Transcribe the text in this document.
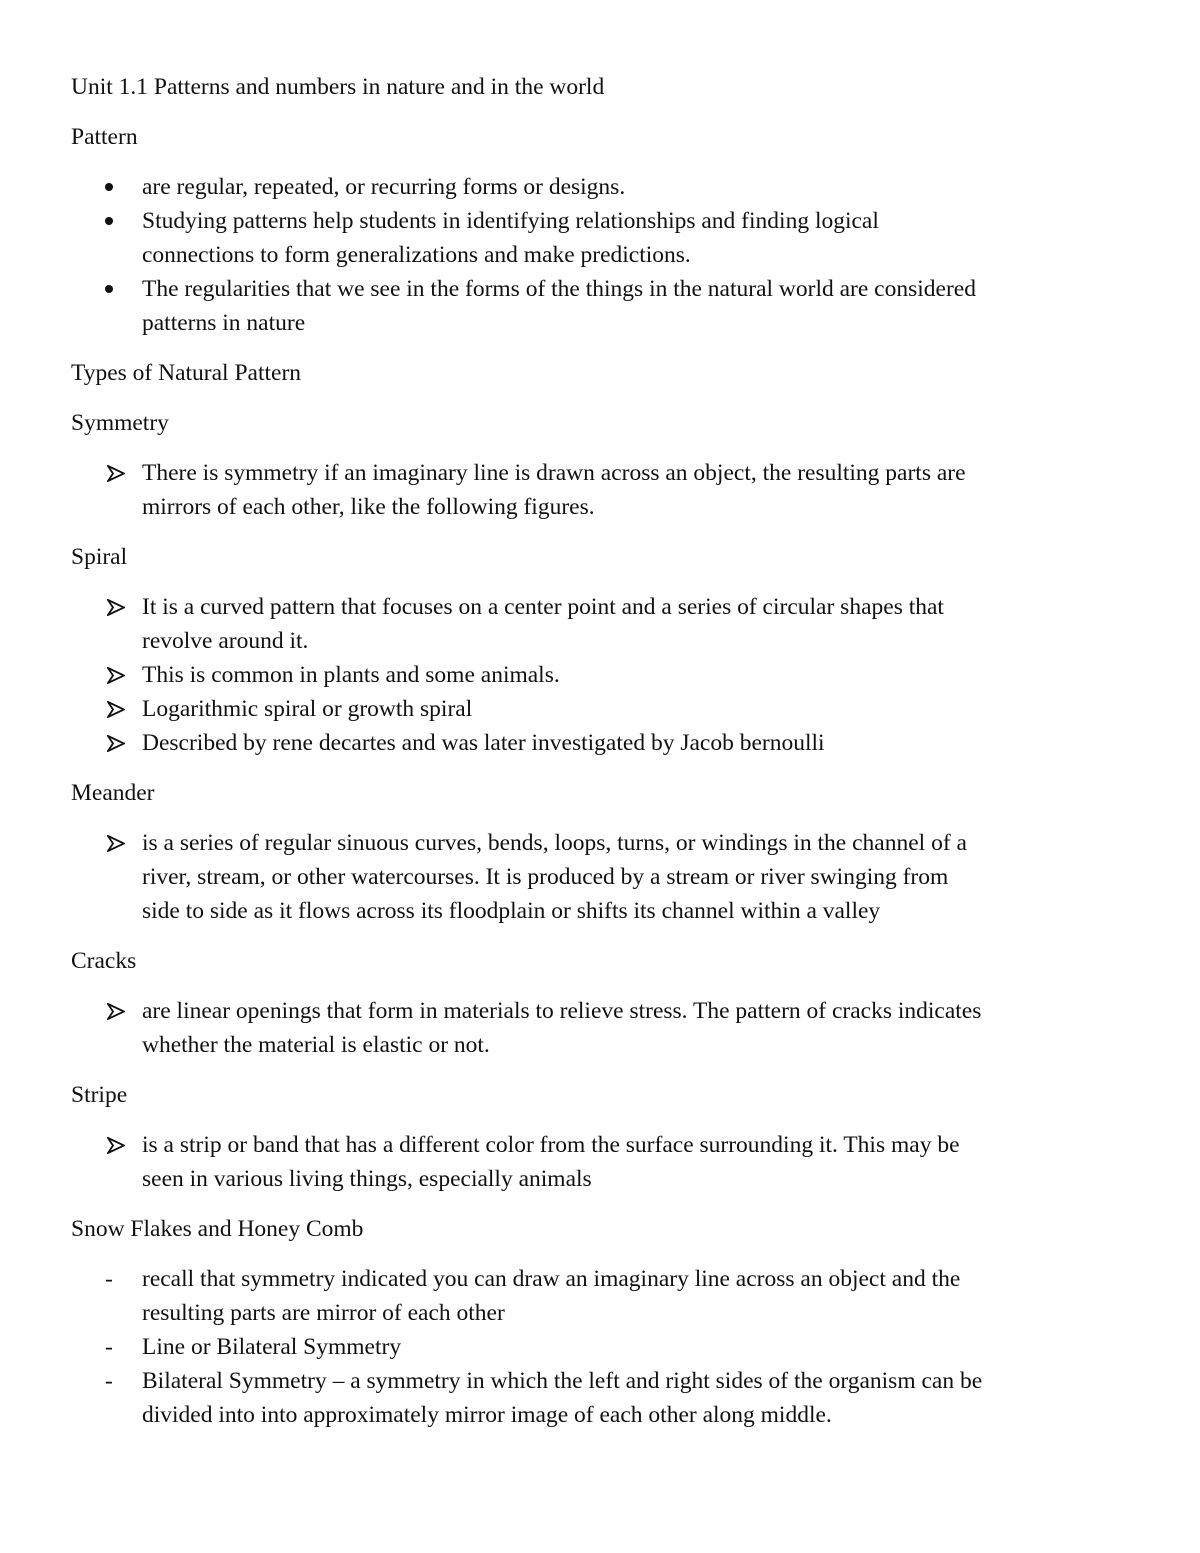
Unit 1.1 Patterns and numbers in nature and in the world

Pattern

are regular, repeated, or recurring forms or designs.
Studying patterns help students in identifying relationships and finding logical
connections to form generalizations and make predictions.
The regularities that we see in the forms of the things in the natural world are considered
patterns in nature

Types of Natural Pattern

Symmetry

There is symmetry if an imaginary line is drawn across an object, the resulting parts are
mirrors of each other, like the following figures.

Spiral

It is a curved pattern that focuses on a center point and a series of circular shapes that
revolve around it.
This is common in plants and some animals.
Logarithmic spiral or growth spiral
Described by rene decartes and was later investigated by Jacob bernoulli

Meander

is a series of regular sinuous curves, bends, loops, turns, or windings in the channel of a
river, stream, or other watercourses. It is produced by a stream or river swinging from
side to side as it flows across its floodplain or shifts its channel within a valley

Cracks

are linear openings that form in materials to relieve stress. The pattern of cracks indicates
whether the material is elastic or not.

Stripe

is a strip or band that has a different color from the surface surrounding it. This may be
seen in various living things, especially animals

Snow Flakes and Honey Comb

-	recall that symmetry indicated you can draw an imaginary line across an object and the
resulting parts are mirror of each other
-	Line or Bilateral Symmetry
-	Bilateral Symmetry – a symmetry in which the left and right sides of the organism can be
divided into into approximately mirror image of each other along middle.
